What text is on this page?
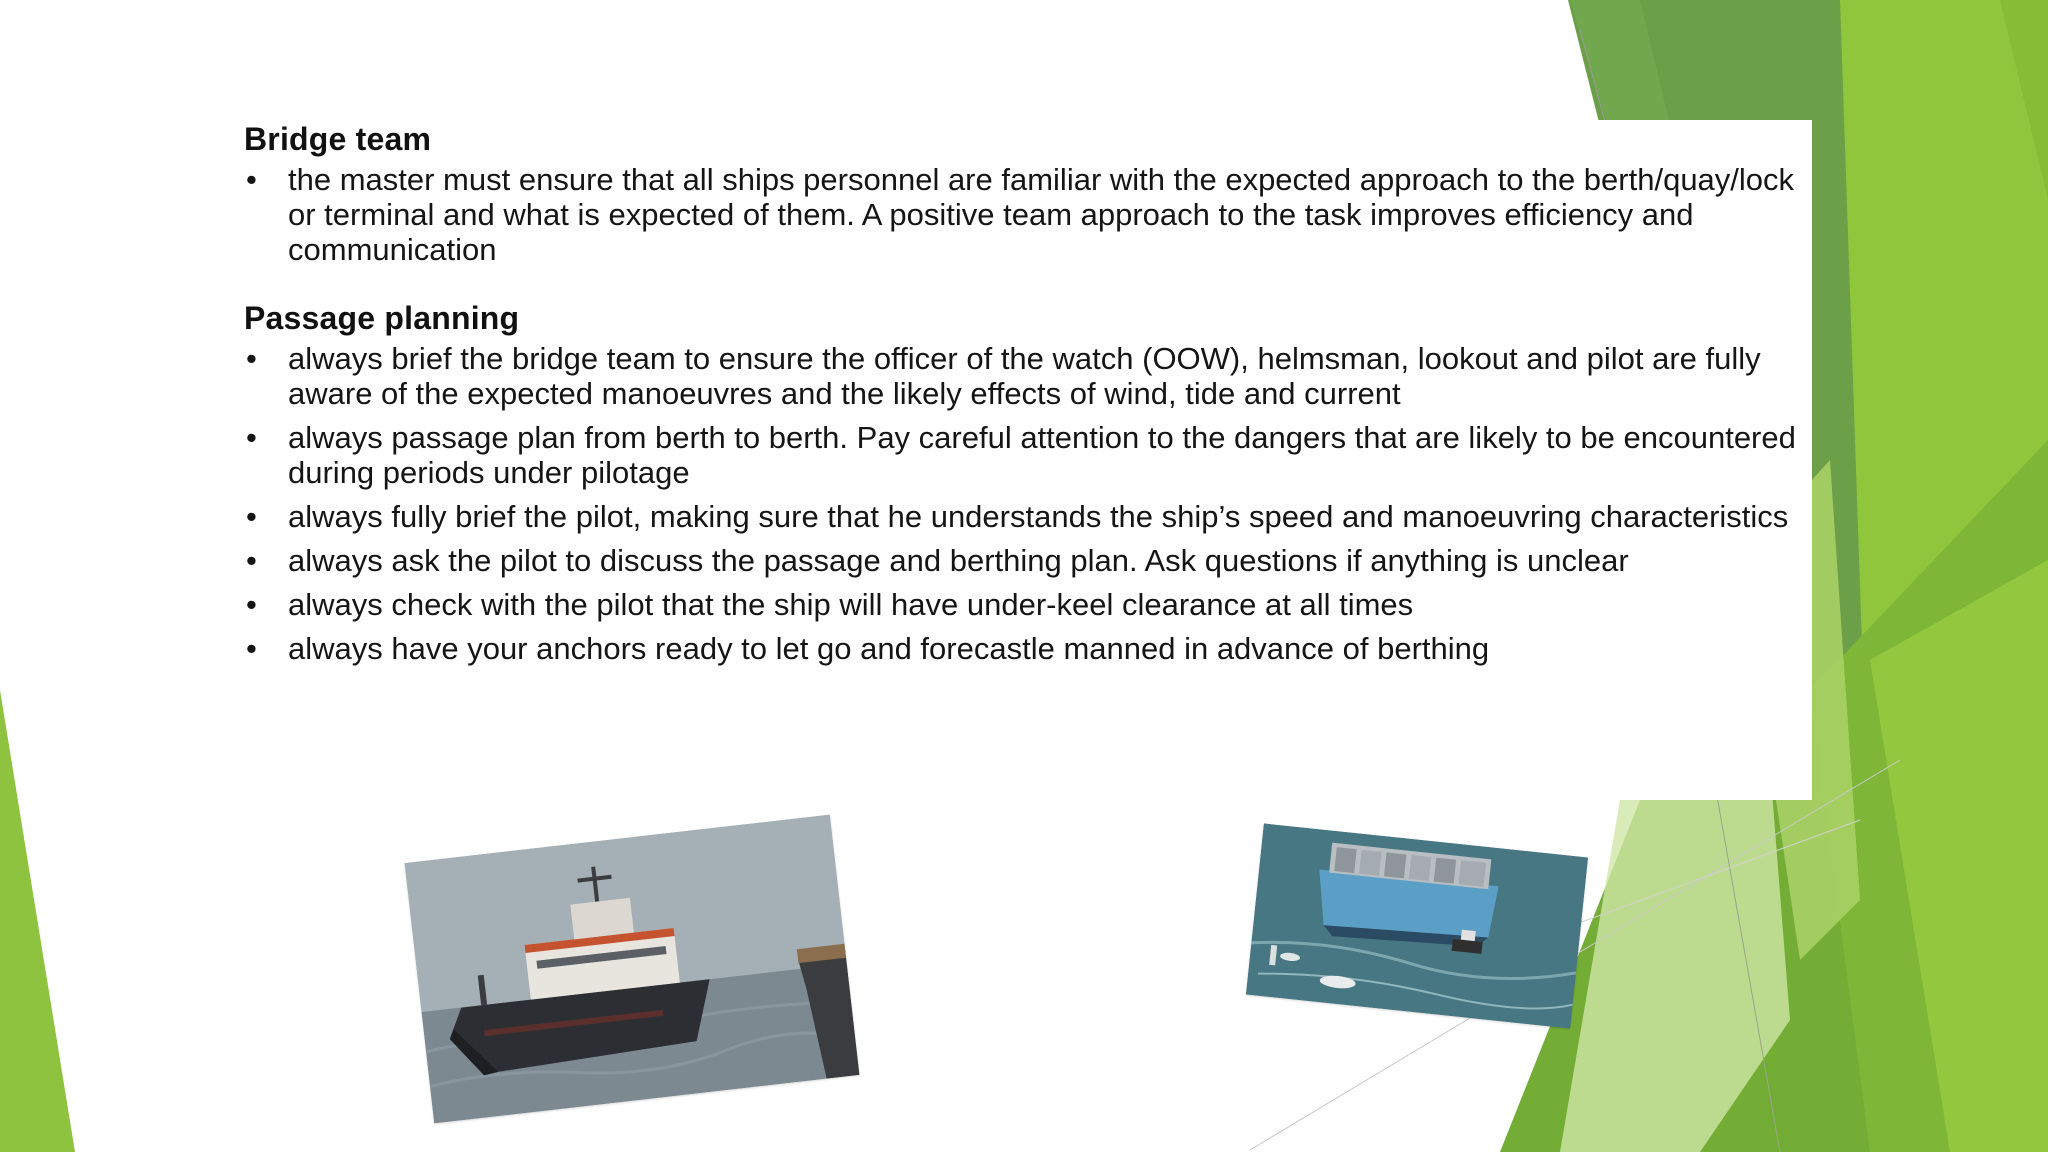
Bridge team
• the master must ensure that all ships personnel are familiar with the expected approach to the berth/quay/lock or terminal and what is expected of them. A positive team approach to the task improves efficiency and communication
Passage planning
• always brief the bridge team to ensure the officer of the watch (OOW), helmsman, lookout and pilot are fully aware of the expected manoeuvres and the likely effects of wind, tide and current
• always passage plan from berth to berth. Pay careful attention to the dangers that are likely to be encountered during periods under pilotage
• always fully brief the pilot, making sure that he understands the ship’s speed and manoeuvring characteristics
• always ask the pilot to discuss the passage and berthing plan. Ask questions if anything is unclear
• always check with the pilot that the ship will have under-keel clearance at all times
• always have your anchors ready to let go and forecastle manned in advance of berthing
